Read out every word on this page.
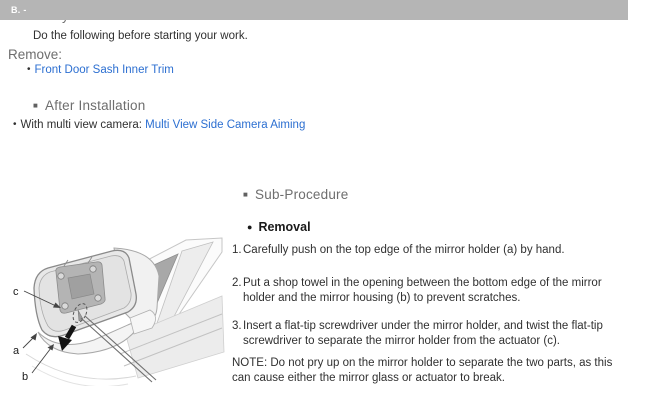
Do the following before starting your work.

Remove:

• Front Door Sash Inner Trim
■ After Installation
• With multi view camera: Multi View Side Camera Aiming
B. -
c
a
b
■ Sub-Procedure
● Removal
1. Carefully push on the top edge of the mirror holder (a) by hand.
2. Put a shop towel in the opening between the bottom edge of the mirror holder and the mirror housing (b) to prevent scratches.
3. Insert a flat-tip screwdriver under the mirror holder, and twist the flat-tip screwdriver to separate the mirror holder from the actuator (c).

NOTE: Do not pry up on the mirror holder to separate the two parts, as this can cause either the mirror glass or actuator to break.
